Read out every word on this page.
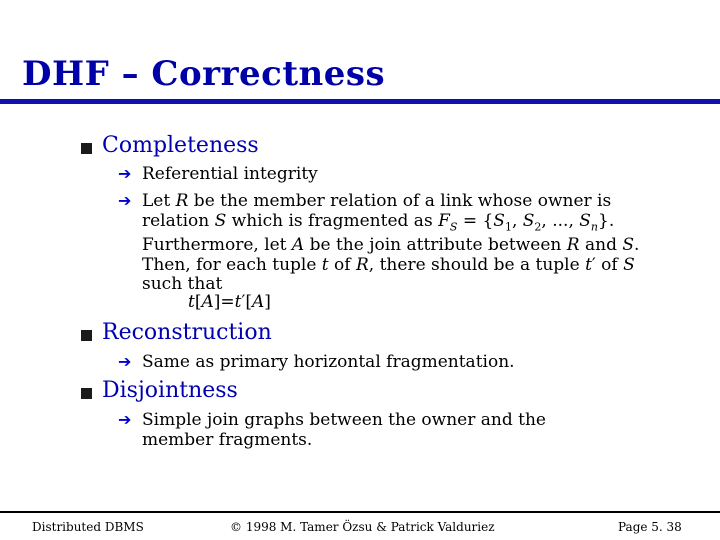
DHF – Correctness
Completeness
➔ Referential integrity
➔ Let R be the member relation of a link whose owner is relation S which is fragmented as $F_S = \{S_1$, $S_2$, ..., $S_n$}. Furthermore, let A be the join attribute between R and S. Then, for each tuple t of R, there should be a tuple t′ of S such that
t[A]=t′[A]
Reconstruction
➔ Same as primary horizontal fragmentation.
Disjointness
➔ Simple join graphs between the owner and the member fragments.
Distributed DBMS	© 1998 M. Tamer Özsu & Patrick Valduriez	Page 5. 38
